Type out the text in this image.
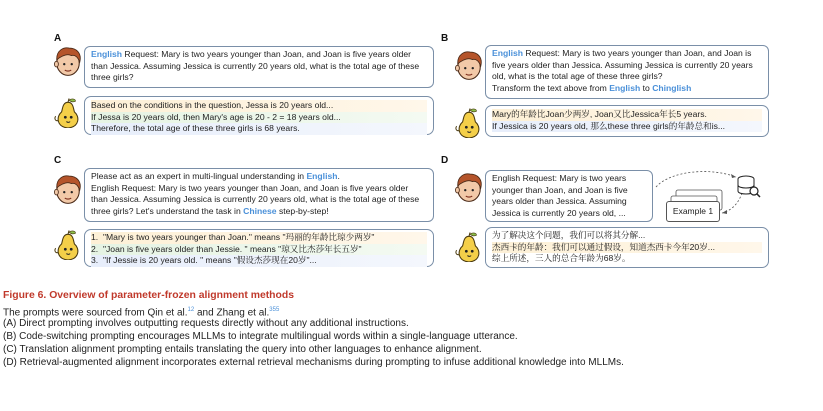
A
English Request: Mary is two years younger than Joan, and Joan is five years older than Jessica. Assuming Jessica is currently 20 years old, what is the total age of these three girls?
Based on the conditions in the question, Jessa is 20 years old...
If Jessa is 20 years old, then Mary's age is 20 - 2 = 18 years old...
Therefore, the total age of these three girls is 68 years.
B
English Request: Mary is two years younger than Joan, and Joan is five years older than Jessica. Assuming Jessica is currently 20 years old, what is the total age of these three girls?
Transform the text above from English to Chinglish
Mary的年龄比Joan少两岁, Joan又比Jessica年长5 years.
If Jessica is 20 years old, 那么these three girls的年龄总和is...
C
Please act as an expert in multi-lingual understanding in English.
English Request: Mary is two years younger than Joan, and Joan is five years older than Jessica. Assuming Jessica is currently 20 years old, what is the total age of these three girls? Let's understand the task in Chinese step-by-step!
1. "Mary is two years younger than Joan." means "玛丽的年龄比琼少两岁"
2. "Joan is five years older than Jessie. " means "琼又比杰莎年长五岁"
3. "If Jessie is 20 years old. " means "假设杰莎现在20岁"...
D
English Request: Mary is two years younger than Joan, and Joan is five years older than Jessica. Assuming Jessica is currently 20 years old, ...	Example 1
为了解决这个问题，我们可以将其分解...
杰西卡的年龄：我们可以通过假设，知道杰西卡今年20岁...
综上所述，三人的总合年龄为68岁。
Figure 6. Overview of parameter-frozen alignment methods
The prompts were sourced from Qin et al.$^{12}$ and Zhang et al.$^{355}$
(A) Direct prompting involves outputting requests directly without any additional instructions.
(B) Code-switching prompting encourages MLLMs to integrate multilingual words within a single-language utterance.
(C) Translation alignment prompting entails translating the query into other languages to enhance alignment.
(D) Retrieval-augmented alignment incorporates external retrieval mechanisms during prompting to infuse additional knowledge into MLLMs.
